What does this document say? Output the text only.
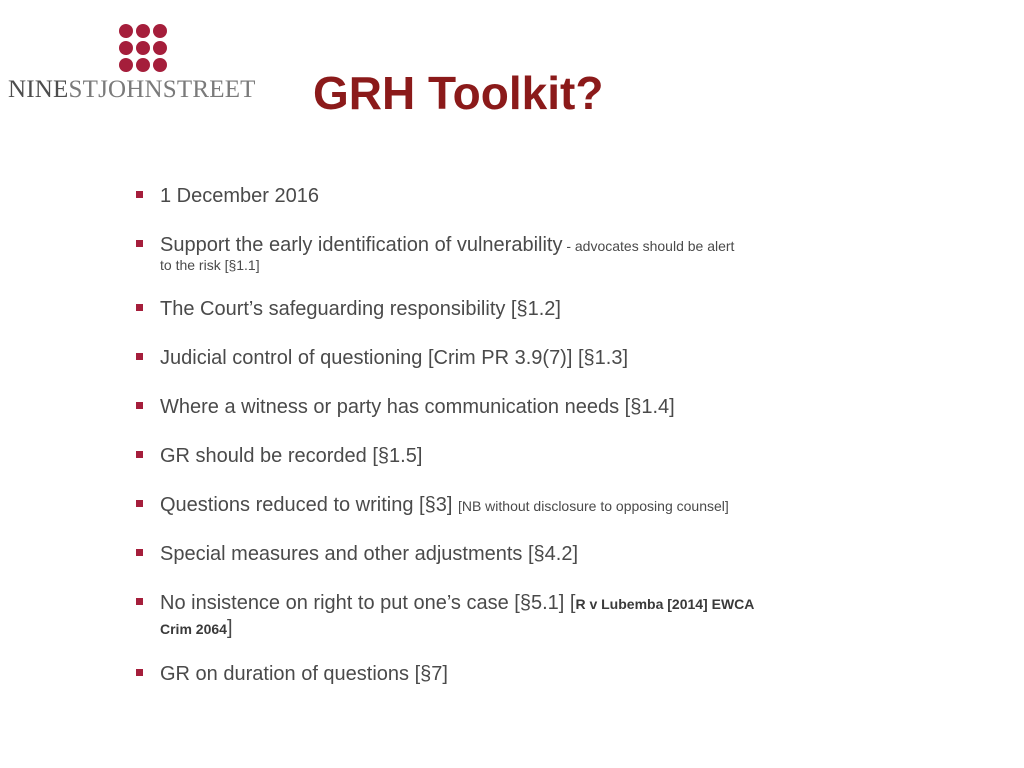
NINESTJOHNSTREET GRH Toolkit?
1 December 2016
Support the early identification of vulnerability - advocates should be alert
to the risk [§1.1]
The Court’s safeguarding responsibility [§1.2]
Judicial control of questioning [Crim PR 3.9(7)] [§1.3]
Where a witness or party has communication needs [§1.4]
GR should be recorded [§1.5]
Questions reduced to writing [§3] [NB without disclosure to opposing counsel]
Special measures and other adjustments [§4.2]
No insistence on right to put one’s case [§5.1] [R v Lubemba [2014] EWCA
Crim 2064]
GR on duration of questions [§7]
